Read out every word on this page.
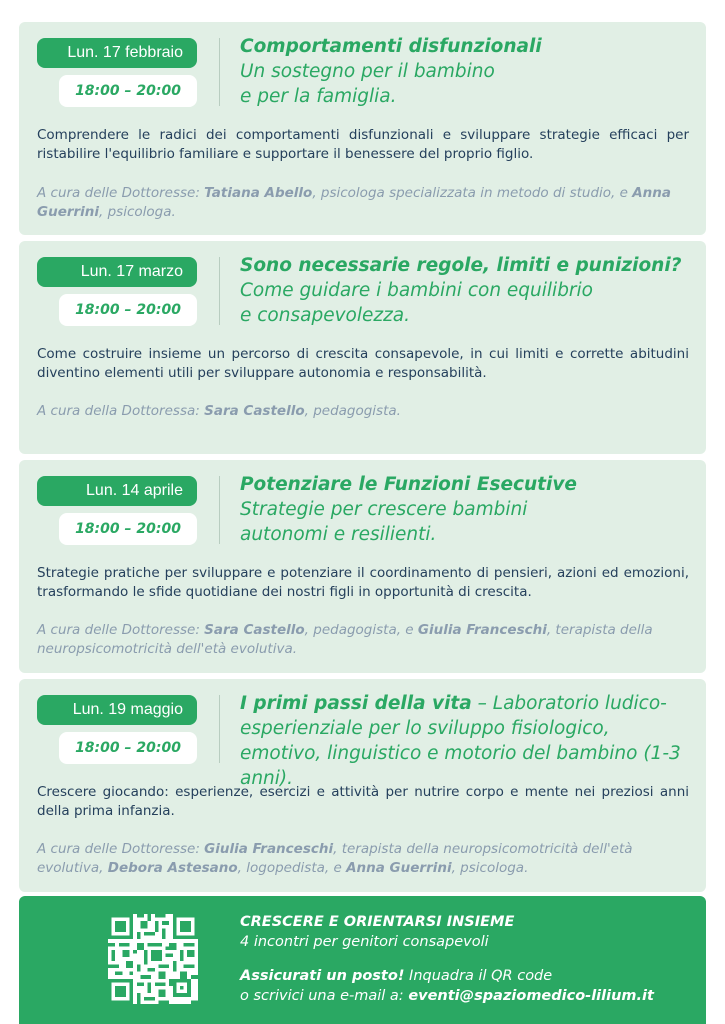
Lun. 17 febbraio
18:00 – 20:00
Comportamenti disfunzionali
Un sostegno per il bambino
e per la famiglia.
Comprendere le radici dei comportamenti disfunzionali e sviluppare strategie efficaci per ristabilire l'equilibrio familiare e supportare il benessere del proprio figlio.
A cura delle Dottoresse: Tatiana Abello, psicologa specializzata in metodo di studio, e Anna Guerrini, psicologa.
Lun. 17 marzo
18:00 – 20:00
Sono necessarie regole, limiti e punizioni?
Come guidare i bambini con equilibrio
e consapevolezza.
Come costruire insieme un percorso di crescita consapevole, in cui limiti e corrette abitudini diventino elementi utili per sviluppare autonomia e responsabilità.
A cura della Dottoressa: Sara Castello, pedagogista.
Lun. 14 aprile
18:00 – 20:00
Potenziare le Funzioni Esecutive
Strategie per crescere bambini
autonomi e resilienti.
Strategie pratiche per sviluppare e potenziare il coordinamento di pensieri, azioni ed emozioni, trasformando le sfide quotidiane dei nostri figli in opportunità di crescita.
A cura delle Dottoresse: Sara Castello, pedagogista, e Giulia Franceschi, terapista della neuropsicomotricità dell'età evolutiva.
Lun. 19 maggio
18:00 – 20:00
I primi passi della vita – Laboratorio ludico-esperienziale per lo sviluppo fisiologico, emotivo, linguistico e motorio del bambino (1-3 anni).
Crescere giocando: esperienze, esercizi e attività per nutrire corpo e mente nei preziosi anni della prima infanzia.
A cura delle Dottoresse: Giulia Franceschi, terapista della neuropsicomotricità dell'età evolutiva, Debora Astesano, logopedista, e Anna Guerrini, psicologa.
CRESCERE E ORIENTARSI INSIEME
4 incontri per genitori consapevoli
Assicurati un posto! Inquadra il QR code
o scrivici una e-mail a: eventi@spaziomedico-lilium.it
